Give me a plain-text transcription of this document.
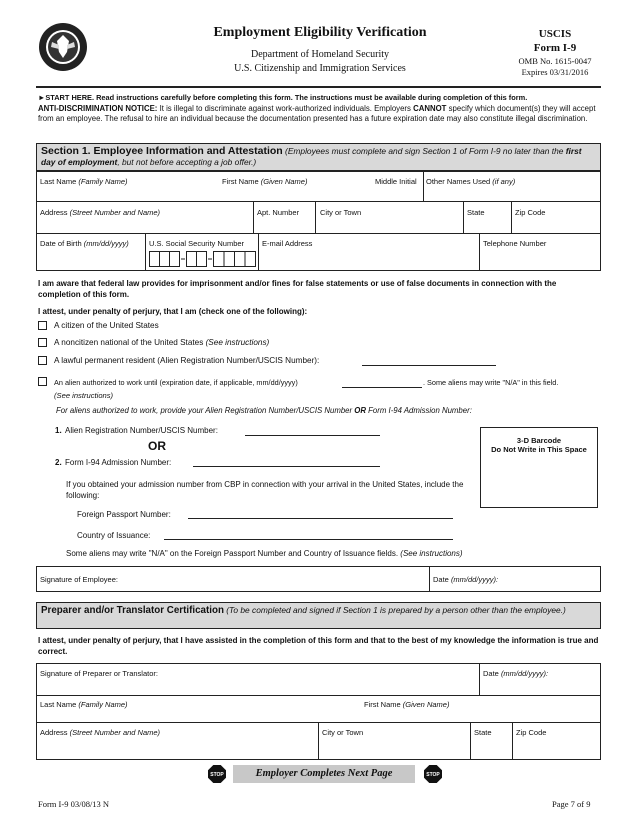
Employment Eligibility Verification
Department of Homeland Security
U.S. Citizenship and Immigration Services
USCIS
Form I-9
OMB No. 1615-0047
Expires 03/31/2016
►START HERE. Read instructions carefully before completing this form. The instructions must be available during completion of this form.
ANTI-DISCRIMINATION NOTICE: It is illegal to discriminate against work-authorized individuals. Employers CANNOT specify which document(s) they will accept from an employee. The refusal to hire an individual because the documentation presented has a future expiration date may also constitute illegal discrimination.
Section 1. Employee Information and Attestation (Employees must complete and sign Section 1 of Form I-9 no later than the first day of employment, but not before accepting a job offer.)
Last Name (Family Name)	First Name (Given Name)	Middle Initial Other Names Used (if any)
Address (Street Number and Name)	Apt. Number	City or Town	State	Zip Code
Date of Birth (mm/dd/yyyy)	U.S. Social Security Number E-mail Address	Telephone Number
I am aware that federal law provides for imprisonment and/or fines for false statements or use of false documents in connection with the completion of this form.
I attest, under penalty of perjury, that I am (check one of the following):
A citizen of the United States
A noncitizen national of the United States (See instructions)
A lawful permanent resident (Alien Registration Number/USCIS Number):
An alien authorized to work until (expiration date, if applicable, mm/dd/yyyy)	. Some aliens may write "N/A" in this field.
(See instructions)
For aliens authorized to work, provide your Alien Registration Number/USCIS Number OR Form I-94 Admission Number:
1. Alien Registration Number/USCIS Number:
OR
2. Form I-94 Admission Number:
If you obtained your admission number from CBP in connection with your arrival in the United States, include the following:
Foreign Passport Number:
Country of Issuance:
Some aliens may write "N/A" on the Foreign Passport Number and Country of Issuance fields. (See instructions)
3-D Barcode
Do Not Write in This Space
Signature of Employee:	Date (mm/dd/yyyy):
Preparer and/or Translator Certification (To be completed and signed if Section 1 is prepared by a person other than the employee.)
I attest, under penalty of perjury, that I have assisted in the completion of this form and that to the best of my knowledge the information is true and correct.
Signature of Preparer or Translator:	Date (mm/dd/yyyy):
Last Name (Family Name)	First Name (Given Name)
Address (Street Number and Name)	City or Town	State	Zip Code
STOP	Employer Completes Next Page	STOP
Form I-9 03/08/13 N	Page 7 of 9
